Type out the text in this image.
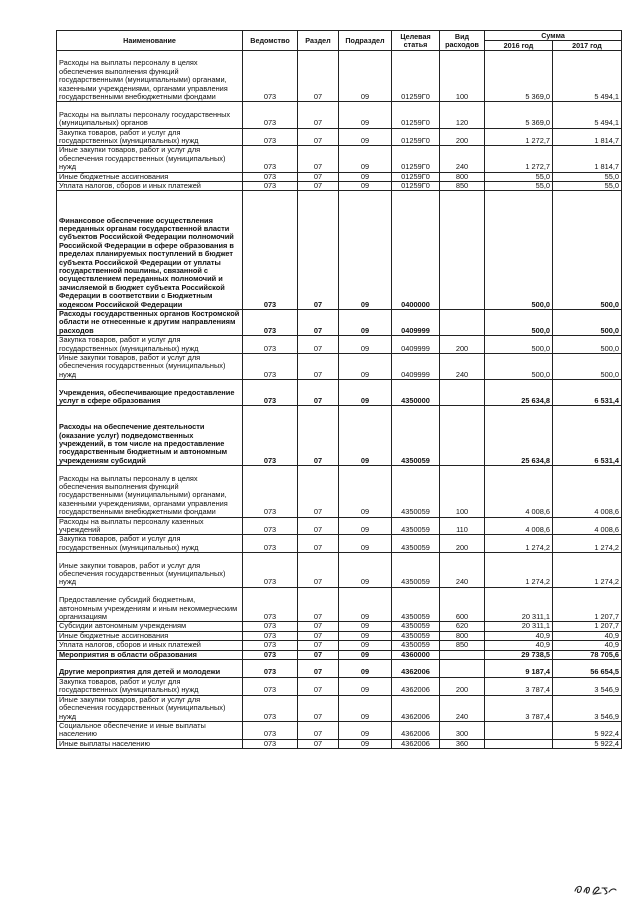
Наименование	Ведомство	Раздел	Подраздел	Целевая статья	Вид расходов	Сумма	
						2016 год	2017 год
Расходы на выплаты персоналу в целях обеспечения выполнения функций государственными (муниципальными) органами, казенными учреждениями, органами управления государственными внебюджетными фондами	073	07	09	01259Г0	100	5 369,0	5 494,1
Расходы на выплаты персоналу государственных (муниципальных) органов	073	07	09	01259Г0	120	5 369,0	5 494,1
Закупка товаров, работ и услуг для государственных (муниципальных) нужд	073	07	09	01259Г0	200	1 272,7	1 814,7
Иные закупки товаров, работ и услуг для обеспечения государственных (муниципальных) нужд	073	07	09	01259Г0	240	1 272,7	1 814,7
Иные бюджетные ассигнования	073	07	09	01259Г0	800	55,0	55,0
Уплата налогов, сборов и иных платежей	073	07	09	01259Г0	850	55,0	55,0
Финансовое обеспечение осуществления переданных органам государственной власти субъектов Российской Федерации полномочий Российской Федерации в сфере образования в пределах планируемых поступлений в бюджет субъекта Российской Федерации от уплаты государственной пошлины, связанной с осуществлением переданных полномочий и зачисляемой в бюджет субъекта Российской Федерации в соответствии с Бюджетным кодексом Российской Федерации	073	07	09	0400000		500,0	500,0
Расходы государственных органов Костромской области не отнесенные к другим направлениям расходов	073	07	09	0409999		500,0	500,0
Закупка товаров, работ и услуг для государственных (муниципальных) нужд	073	07	09	0409999	200	500,0	500,0
Иные закупки товаров, работ и услуг для обеспечения государственных (муниципальных) нужд	073	07	09	0409999	240	500,0	500,0
Учреждения, обеспечивающие предоставление услуг в сфере образования	073	07	09	4350000		25 634,8	6 531,4
Расходы на обеспечение деятельности (оказание услуг) подведомственных учреждений, в том числе на предоставление государственным бюджетным и автономным учреждениям субсидий	073	07	09	4350059		25 634,8	6 531,4
Расходы на выплаты персоналу в целях обеспечения выполнения функций государственными (муниципальными) органами, казенными учреждениями, органами управления государственными внебюджетными фондами	073	07	09	4350059	100	4 008,6	4 008,6
Расходы на выплаты персоналу казенных учреждений	073	07	09	4350059	110	4 008,6	4 008,6
Закупка товаров, работ и услуг для государственных (муниципальных) нужд	073	07	09	4350059	200	1 274,2	1 274,2
Иные закупки товаров, работ и услуг для обеспечения государственных (муниципальных) нужд	073	07	09	4350059	240	1 274,2	1 274,2
Предоставление субсидий бюджетным, автономным учреждениям и иным некоммерческим организациям	073	07	09	4350059	600	20 311,1	1 207,7
Субсидии автономным учреждениям	073	07	09	4350059	620	20 311,1	1 207,7
Иные бюджетные ассигнования	073	07	09	4350059	800	40,9	40,9
Уплата налогов, сборов и иных платежей	073	07	09	4350059	850	40,9	40,9
Мероприятия в области образования	073	07	09	4360000		29 738,5	78 705,6
Другие мероприятия для детей и молодежи	073	07	09	4362006		9 187,4	56 654,5
Закупка товаров, работ и услуг для государственных (муниципальных) нужд	073	07	09	4362006	200	3 787,4	3 546,9
Иные закупки товаров, работ и услуг для обеспечения государственных (муниципальных) нужд	073	07	09	4362006	240	3 787,4	3 546,9
Социальное обеспечение и иные выплаты населению	073	07	09	4362006	300		5 922,4
Иные выплаты населению	073	07	09	4362006	360		5 922,4
